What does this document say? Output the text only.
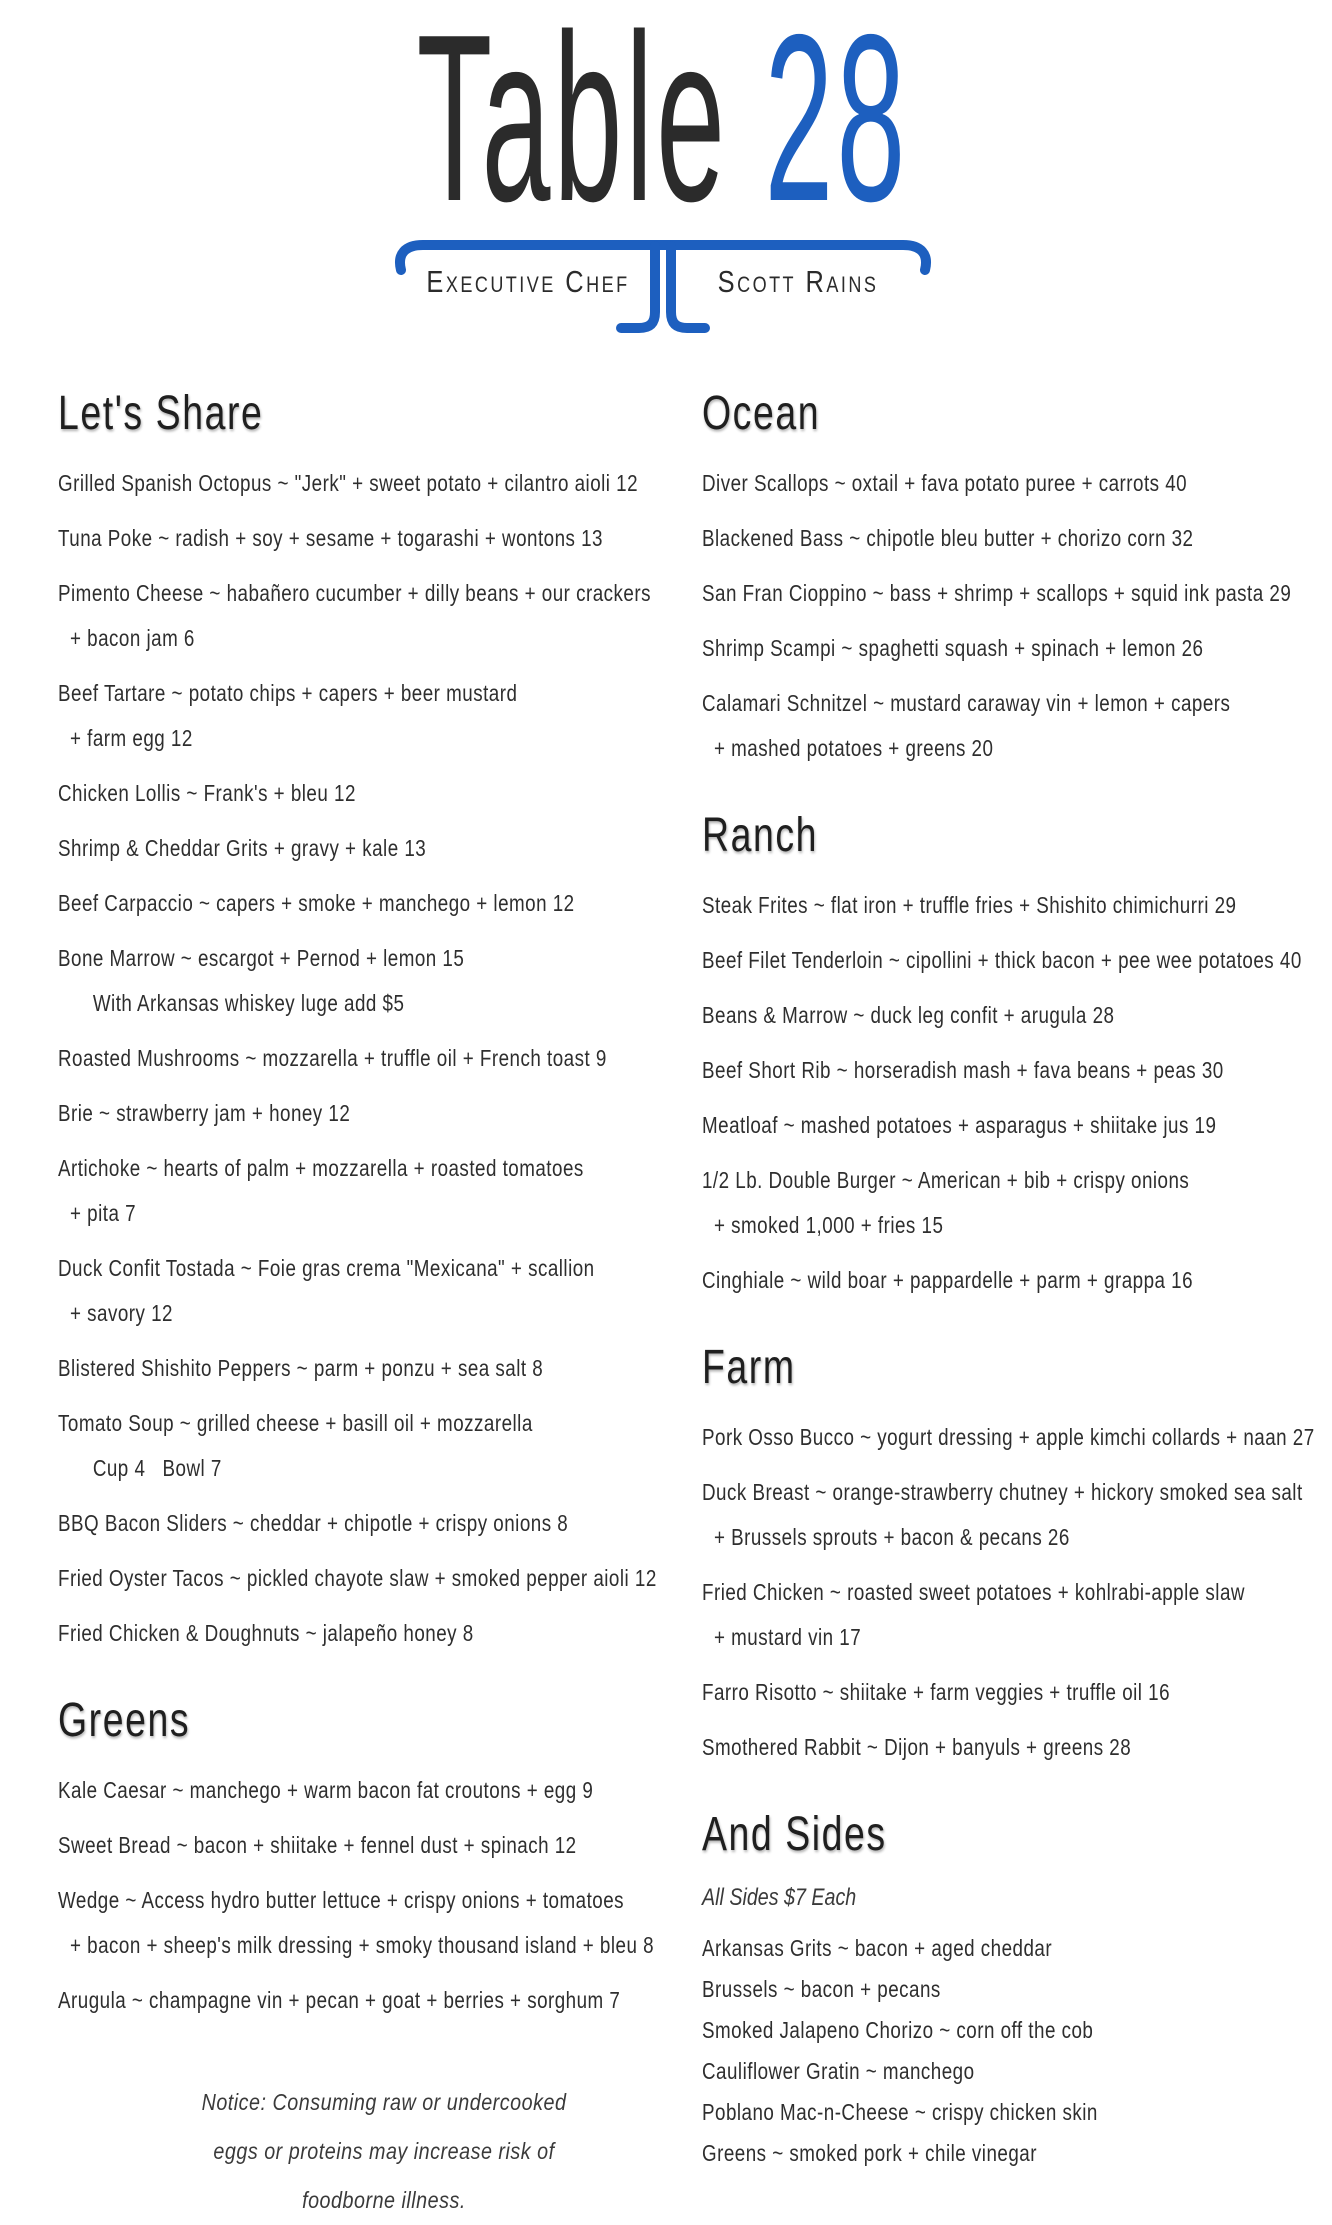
Table 28
Executive Chef	Scott Rains
Let's Share
Grilled Spanish Octopus ~ "Jerk" + sweet potato + cilantro aioli 12
Tuna Poke ~ radish + soy + sesame + togarashi + wontons 13
Pimento Cheese ~ habañero cucumber + dilly beans + our crackers
+ bacon jam 6
Beef Tartare ~ potato chips + capers + beer mustard
+ farm egg 12
Chicken Lollis ~ Frank's + bleu 12
Shrimp & Cheddar Grits + gravy + kale 13
Beef Carpaccio ~ capers + smoke + manchego + lemon 12
Bone Marrow ~ escargot + Pernod + lemon 15
With Arkansas whiskey luge add $5
Roasted Mushrooms ~ mozzarella + truffle oil + French toast 9
Brie ~ strawberry jam + honey 12
Artichoke ~ hearts of palm + mozzarella + roasted tomatoes
+ pita 7
Duck Confit Tostada ~ Foie gras crema "Mexicana" + scallion
+ savory 12
Blistered Shishito Peppers ~ parm + ponzu + sea salt 8
Tomato Soup ~ grilled cheese + basill oil + mozzarella
Cup 4   Bowl 7
BBQ Bacon Sliders ~ cheddar + chipotle + crispy onions 8
Fried Oyster Tacos ~ pickled chayote slaw + smoked pepper aioli 12
Fried Chicken & Doughnuts ~ jalapeño honey 8
Greens
Kale Caesar ~ manchego + warm bacon fat croutons + egg 9
Sweet Bread ~ bacon + shiitake + fennel dust + spinach 12
Wedge ~ Access hydro butter lettuce + crispy onions + tomatoes
+ bacon + sheep's milk dressing + smoky thousand island + bleu 8
Arugula ~ champagne vin + pecan + goat + berries + sorghum 7
Notice: Consuming raw or undercooked
eggs or proteins may increase risk of
foodborne illness.
Ocean
Diver Scallops ~ oxtail + fava potato puree + carrots 40
Blackened Bass ~ chipotle bleu butter + chorizo corn 32
San Fran Cioppino ~ bass + shrimp + scallops + squid ink pasta 29
Shrimp Scampi ~ spaghetti squash + spinach + lemon 26
Calamari Schnitzel ~ mustard caraway vin + lemon + capers
+ mashed potatoes + greens 20
Ranch
Steak Frites ~ flat iron + truffle fries + Shishito chimichurri 29
Beef Filet Tenderloin ~ cipollini + thick bacon + pee wee potatoes 40
Beans & Marrow ~ duck leg confit + arugula 28
Beef Short Rib ~ horseradish mash + fava beans + peas 30
Meatloaf ~ mashed potatoes + asparagus + shiitake jus 19
1/2 Lb. Double Burger ~ American + bib + crispy onions
+ smoked 1,000 + fries 15
Cinghiale ~ wild boar + pappardelle + parm + grappa 16
Farm
Pork Osso Bucco ~ yogurt dressing + apple kimchi collards + naan 27
Duck Breast ~ orange-strawberry chutney + hickory smoked sea salt
+ Brussels sprouts + bacon & pecans 26
Fried Chicken ~ roasted sweet potatoes + kohlrabi-apple slaw
+ mustard vin 17
Farro Risotto ~ shiitake + farm veggies + truffle oil 16
Smothered Rabbit ~ Dijon + banyuls + greens 28
And Sides
All Sides $7 Each
Arkansas Grits ~ bacon + aged cheddar
Brussels ~ bacon + pecans
Smoked Jalapeno Chorizo ~ corn off the cob
Cauliflower Gratin ~ manchego
Poblano Mac-n-Cheese ~ crispy chicken skin
Greens ~ smoked pork + chile vinegar
